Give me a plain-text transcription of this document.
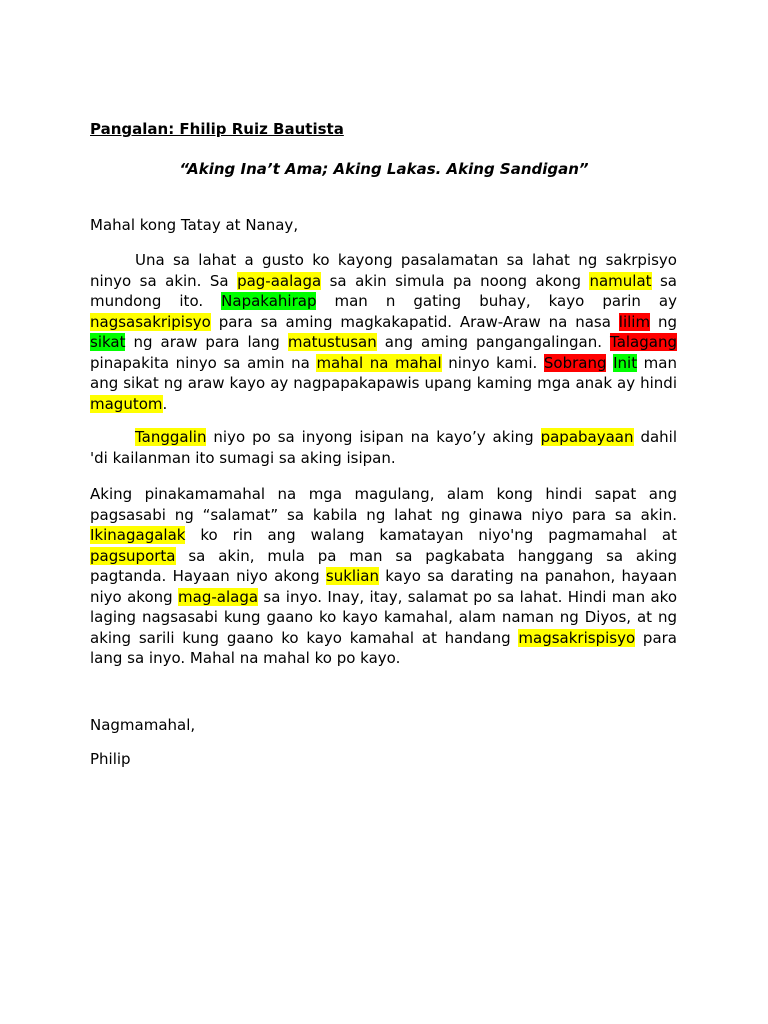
Pangalan: Fhilip Ruiz Bautista

“Aking Ina’t Ama; Aking Lakas. Aking Sandigan”

Mahal kong Tatay at Nanay,

Una sa lahat a gusto ko kayong pasalamatan sa lahat ng sakrpisyo ninyo sa akin. Sa pag-aalaga sa akin simula pa noong akong namulat sa mundong ito. Napakahirap man n gating buhay, kayo parin ay nagsasakripisyo para sa aming magkakapatid. Araw-Araw na nasa lilim ng sikat ng araw para lang matustusan ang aming pangangalingan. Talagang pinapakita ninyo sa amin na mahal na mahal ninyo kami. Sobrang Init man ang sikat ng araw kayo ay nagpapakapawis upang kaming mga anak ay hindi magutom.

Tanggalin niyo po sa inyong isipan na kayo’y aking papabayaan dahil 'di kailanman ito sumagi sa aking isipan.

Aking pinakamamahal na mga magulang, alam kong hindi sapat ang pagsasabi ng “salamat” sa kabila ng lahat ng ginawa niyo para sa akin. Ikinagagalak ko rin ang walang kamatayan niyo'ng pagmamahal at pagsuporta sa akin, mula pa man sa pagkabata hanggang sa aking pagtanda. Hayaan niyo akong suklian kayo sa darating na panahon, hayaan niyo akong mag-alaga sa inyo. Inay, itay, salamat po sa lahat. Hindi man ako laging nagsasabi kung gaano ko kayo kamahal, alam naman ng Diyos, at ng aking sarili kung gaano ko kayo kamahal at handang magsakrispisyo para lang sa inyo. Mahal na mahal ko po kayo.

Nagmamahal,

Philip
